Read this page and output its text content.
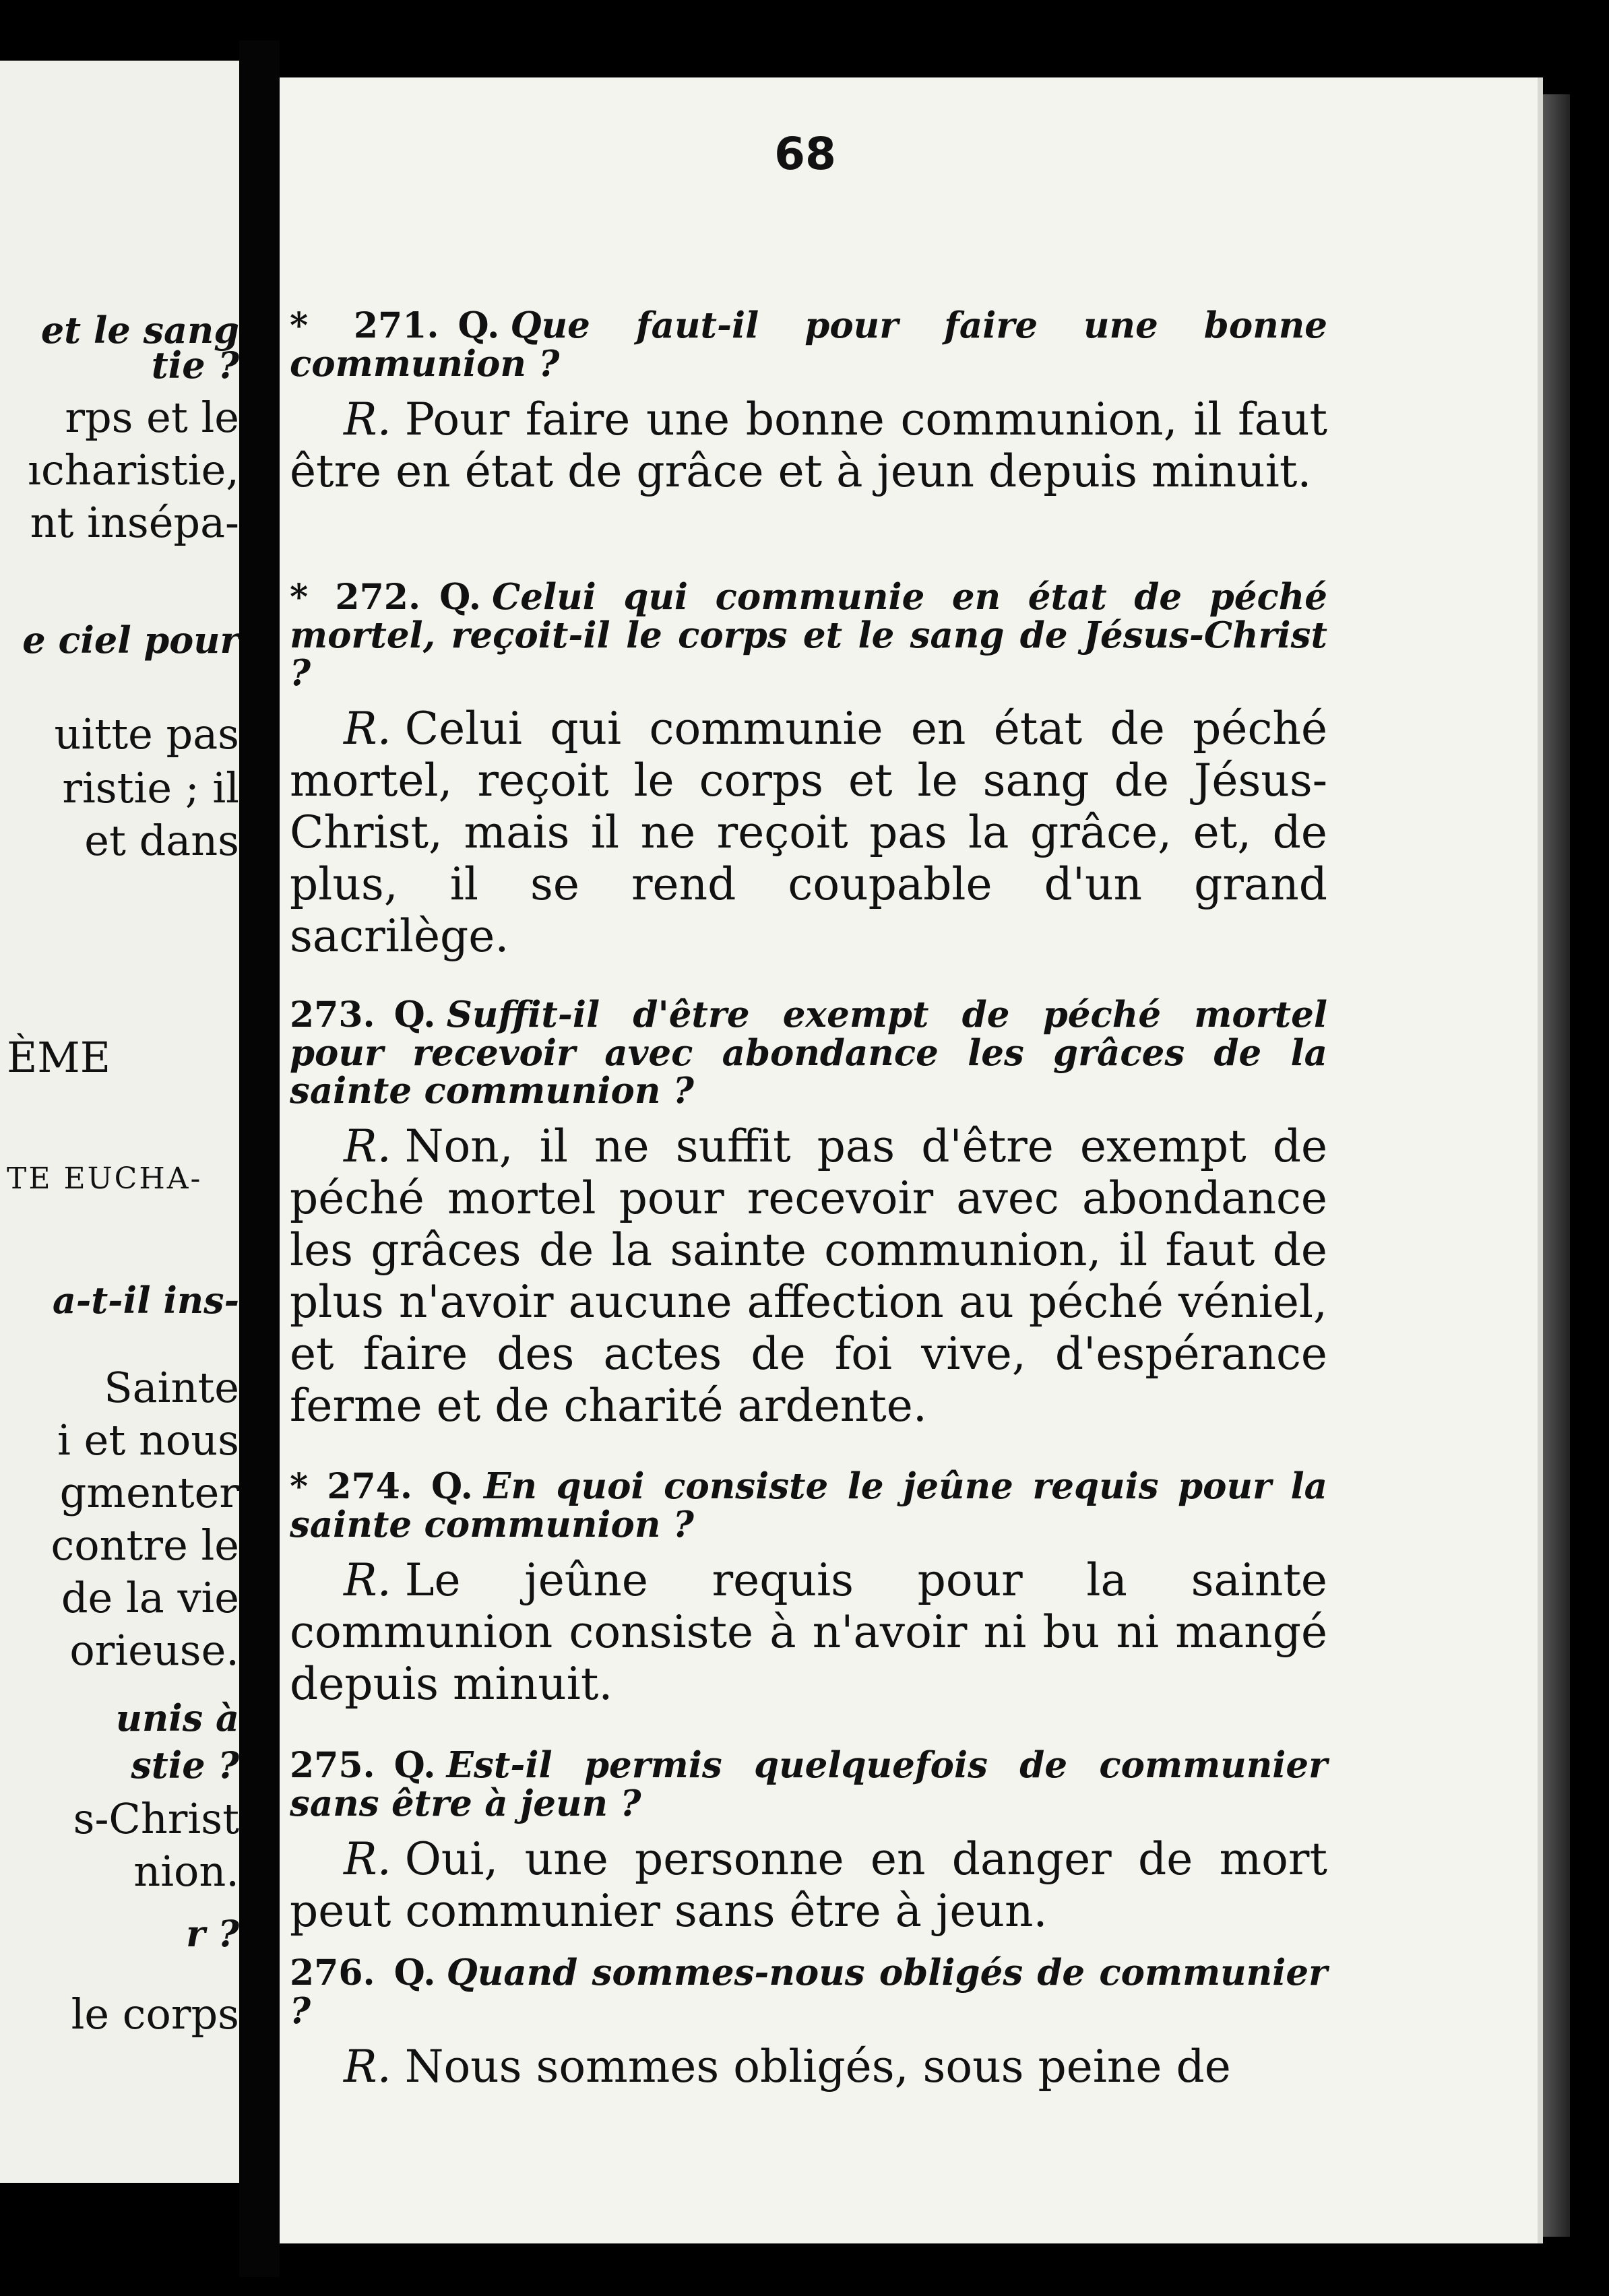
et le sang
tie ?
rps et le
ıcharistie,
nt insépa-
e ciel pour
uitte pas
ristie ; il
et dans
ÈME
TE EUCHA-
a-t-il ins-
Sainte
i et nous
gmenter
contre le
de la vie
orieuse.
unis à
stie ?
s-Christ
nion.
r ?
le corps
68
* 271. Q. Que faut-il pour faire une bonne communion ?
R. Pour faire une bonne communion, il faut être en état de grâce et à jeun depuis minuit.
* 272. Q. Celui qui communie en état de péché mortel, reçoit-il le corps et le sang de Jésus-Christ ?
R. Celui qui communie en état de péché mortel, reçoit le corps et le sang de Jésus-Christ, mais il ne reçoit pas la grâce, et, de plus, il se rend coupable d'un grand sacrilège.
273. Q. Suffit-il d'être exempt de péché mortel pour recevoir avec abondance les grâces de la sainte communion ?
R. Non, il ne suffit pas d'être exempt de péché mortel pour recevoir avec abondance les grâces de la sainte communion, il faut de plus n'avoir aucune affection au péché véniel, et faire des actes de foi vive, d'espérance ferme et de charité ardente.
* 274. Q. En quoi consiste le jeûne requis pour la sainte communion ?
R. Le jeûne requis pour la sainte communion consiste à n'avoir ni bu ni mangé depuis minuit.
275. Q. Est-il permis quelquefois de communier sans être à jeun ?
R. Oui, une personne en danger de mort peut communier sans être à jeun.
276. Q. Quand sommes-nous obligés de communier ?
R. Nous sommes obligés, sous peine de
